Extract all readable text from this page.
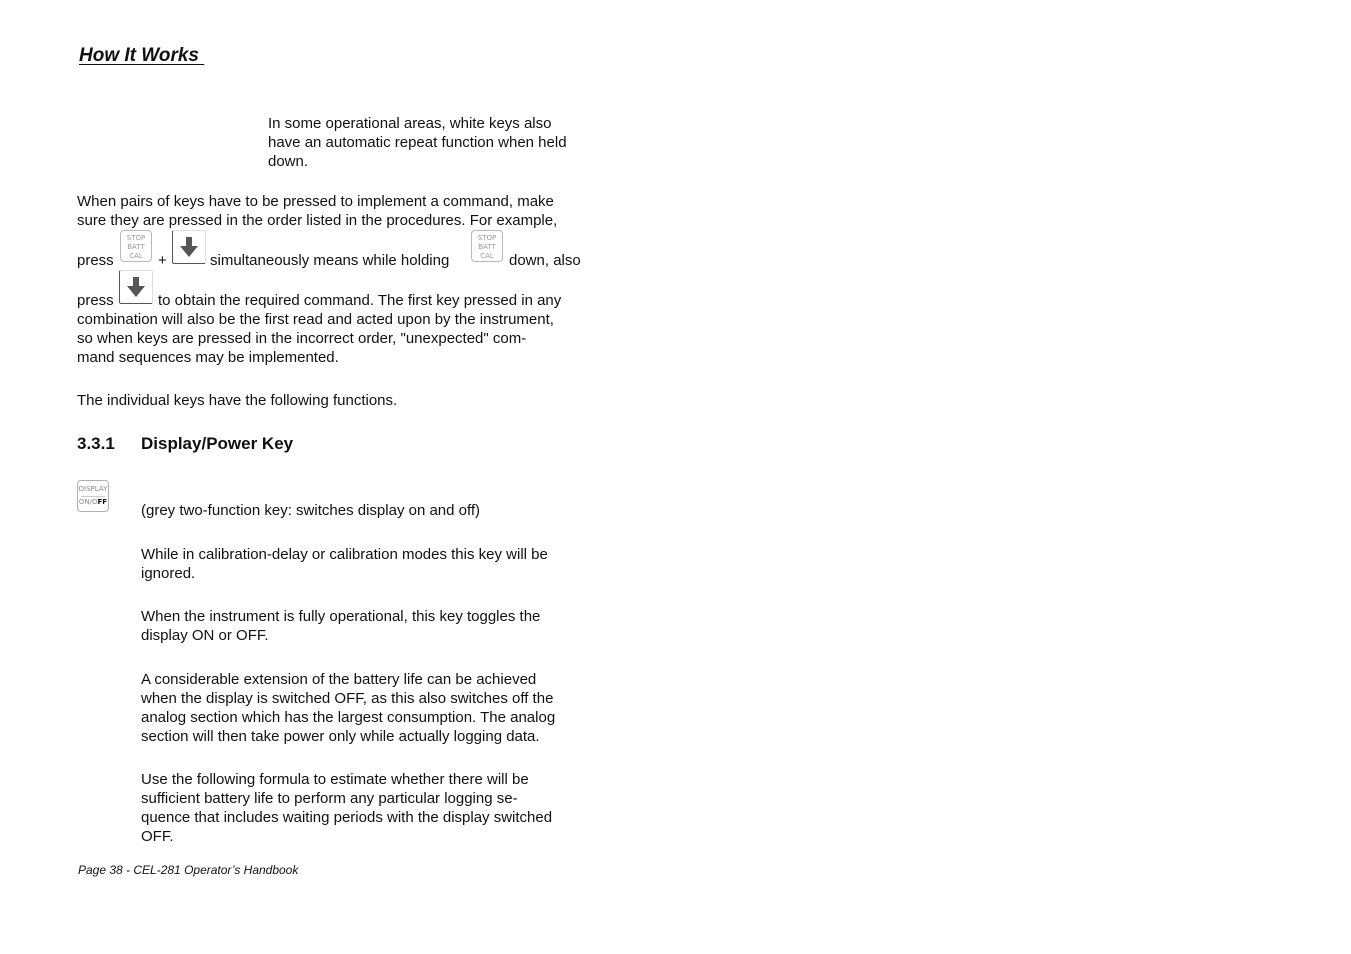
How It Works
In some operational areas, white keys also
have an automatic repeat function when held
down.
When pairs of keys have to be pressed to implement a command, make
sure they are pressed in the order listed in the procedures. For example,
press
STOP
BATT
CAL	+	simultaneously means while holding
STOP
BATT
CAL	down, also
press	to obtain the required command. The first key pressed in any
combination will also be the first read and acted upon by the instrument,
so when keys are pressed in the incorrect order, "unexpected" com-
mand sequences may be implemented.
The individual keys have the following functions.
3.3.1 Display/Power Key
DISPLAY
ON/OFF (grey two-function key: switches display on and off)
While in calibration-delay or calibration modes this key will be
ignored.
When the instrument is fully operational, this key toggles the
display ON or OFF.
A considerable extension of the battery life can be achieved
when the display is switched OFF, as this also switches off the
analog section which has the largest consumption. The analog
section will then take power only while actually logging data.
Use the following formula to estimate whether there will be
sufficient battery life to perform any particular logging se-
quence that includes waiting periods with the display switched
OFF.
Page 38 - CEL-281 Operator’s Handbook
